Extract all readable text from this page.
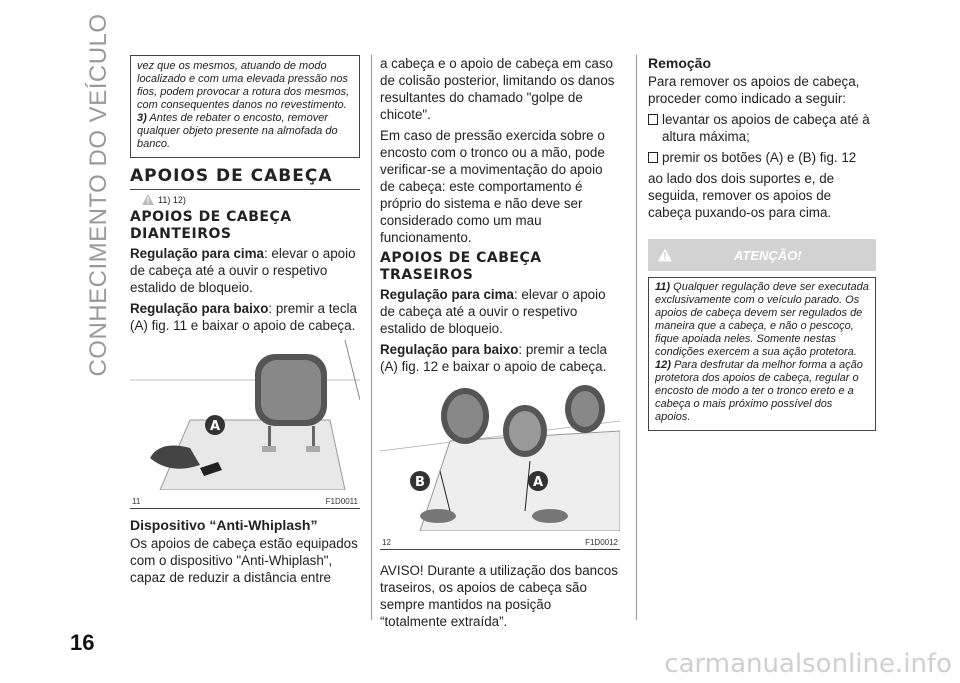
CONHECIMENTO DO VEÍCULO
16
carmanualsonline.info
vez que os mesmos, atuando de modo localizado e com uma elevada pressão nos fios, podem provocar a rotura dos mesmos, com consequentes danos no revestimento.
3) Antes de rebater o encosto, remover qualquer objeto presente na almofada do banco.
APOIOS DE CABEÇA
11) 12)
APOIOS DE CABEÇA DIANTEIROS

Regulação para cima: elevar o apoio de cabeça até a ouvir o respetivo estalido de bloqueio.

Regulação para baixo: premir a tecla (A) fig. 11 e baixar o apoio de cabeça.

A
11	F1D0011
Dispositivo “Anti-Whiplash”

Os apoios de cabeça estão equipados com o dispositivo "Anti-Whiplash", capaz de reduzir a distância entre

a cabeça e o apoio de cabeça em caso de colisão posterior, limitando os danos resultantes do chamado "golpe de chicote".

Em caso de pressão exercida sobre o encosto com o tronco ou a mão, pode verificar-se a movimentação do apoio de cabeça: este comportamento é próprio do sistema e não deve ser considerado como um mau funcionamento.

APOIOS DE CABEÇA TRASEIROS

Regulação para cima: elevar o apoio de cabeça até a ouvir o respetivo estalido de bloqueio.

Regulação para baixo: premir a tecla (A) fig. 12 e baixar o apoio de cabeça.

B	A
12	F1D0012

AVISO! Durante a utilização dos bancos traseiros, os apoios de cabeça são sempre mantidos na posição “totalmente extraída”.

Remoção

Para remover os apoios de cabeça, proceder como indicado a seguir:

levantar os apoios de cabeça até à altura máxima;
premir os botões (A) e (B) fig. 12

ao lado dos dois suportes e, de seguida, remover os apoios de cabeça puxando-os para cima.

ATENÇÃO!
11) Qualquer regulação deve ser executada exclusivamente com o veículo parado. Os apoios de cabeça devem ser regulados de maneira que a cabeça, e não o pescoço, fique apoiada neles. Somente nestas condições exercem a sua ação protetora.
12) Para desfrutar da melhor forma a ação protetora dos apoios de cabeça, regular o encosto de modo a ter o tronco ereto e a cabeça o mais próximo possível dos apoios.
